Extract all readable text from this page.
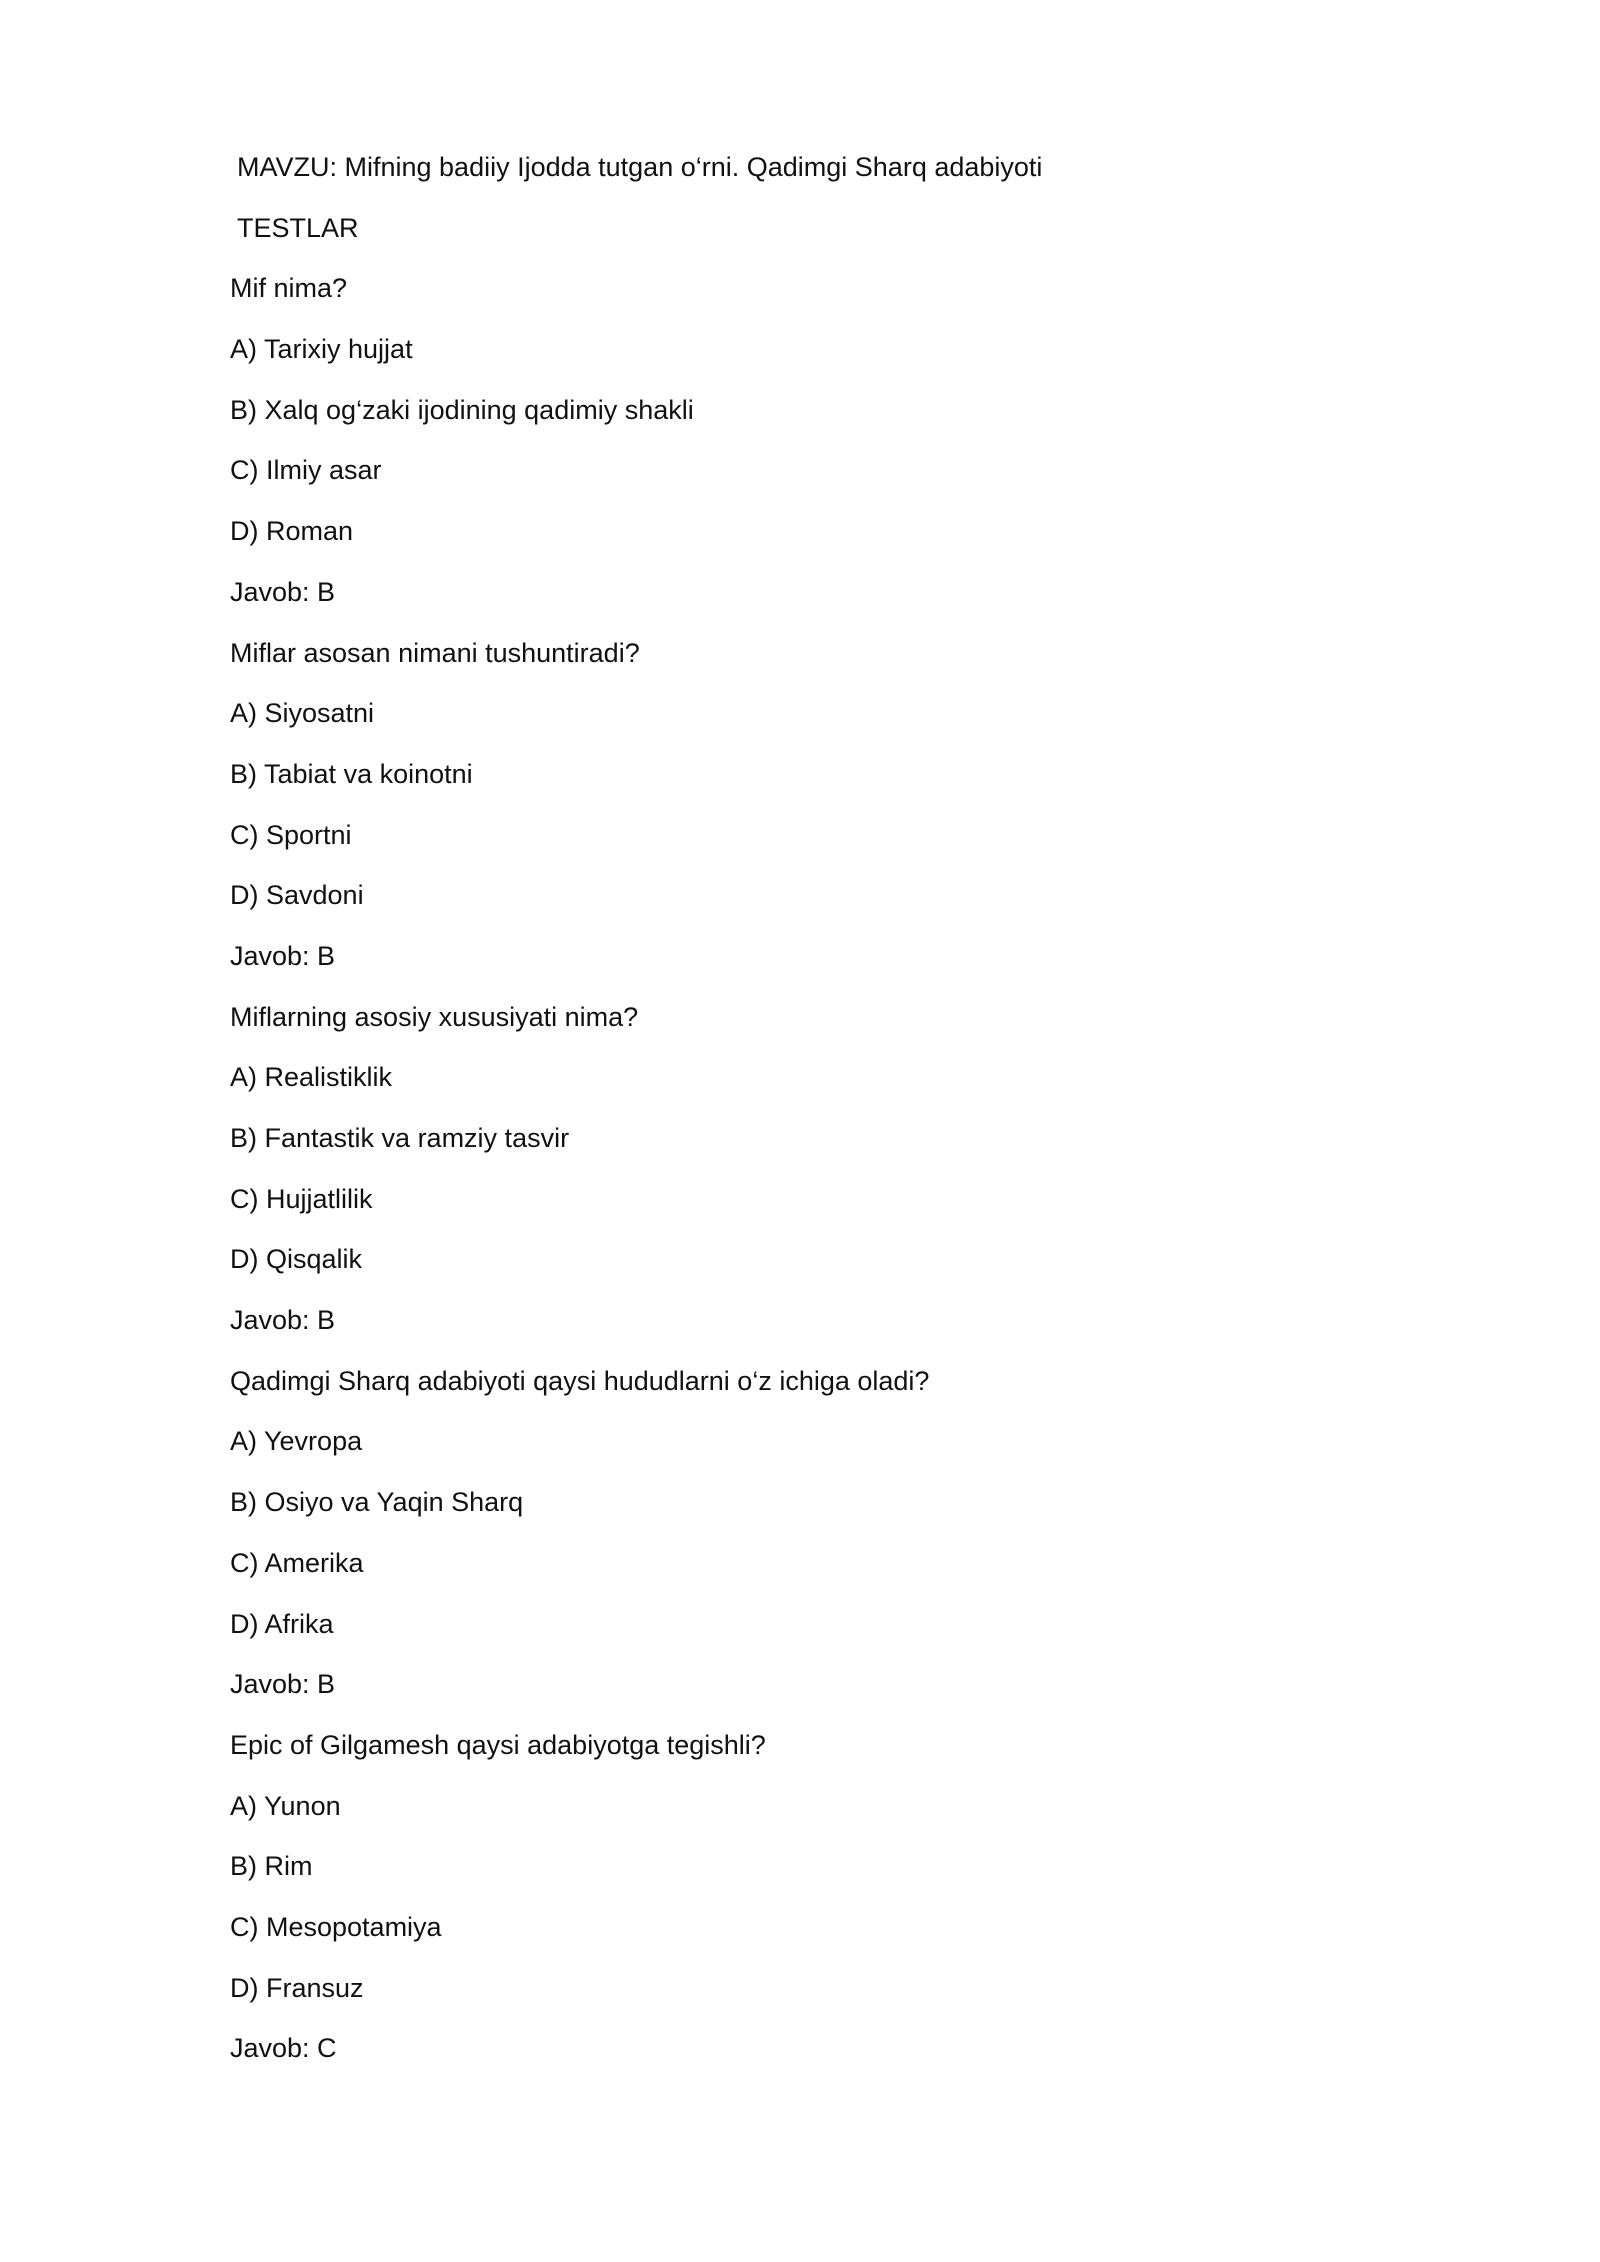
MAVZU: Mifning badiiy Ijodda tutgan o‘rni. Qadimgi Sharq adabiyoti
TESTLAR
Mif nima?
A) Tarixiy hujjat
B) Xalq og‘zaki ijodining qadimiy shakli
C) Ilmiy asar
D) Roman
Javob: B
Miflar asosan nimani tushuntiradi?
A) Siyosatni
B) Tabiat va koinotni
C) Sportni
D) Savdoni
Javob: B
Miflarning asosiy xususiyati nima?
A) Realistiklik
B) Fantastik va ramziy tasvir
C) Hujjatlilik
D) Qisqalik
Javob: B
Qadimgi Sharq adabiyoti qaysi hududlarni o‘z ichiga oladi?
A) Yevropa
B) Osiyo va Yaqin Sharq
C) Amerika
D) Afrika
Javob: B
Epic of Gilgamesh qaysi adabiyotga tegishli?
A) Yunon
B) Rim
C) Mesopotamiya
D) Fransuz
Javob: C
